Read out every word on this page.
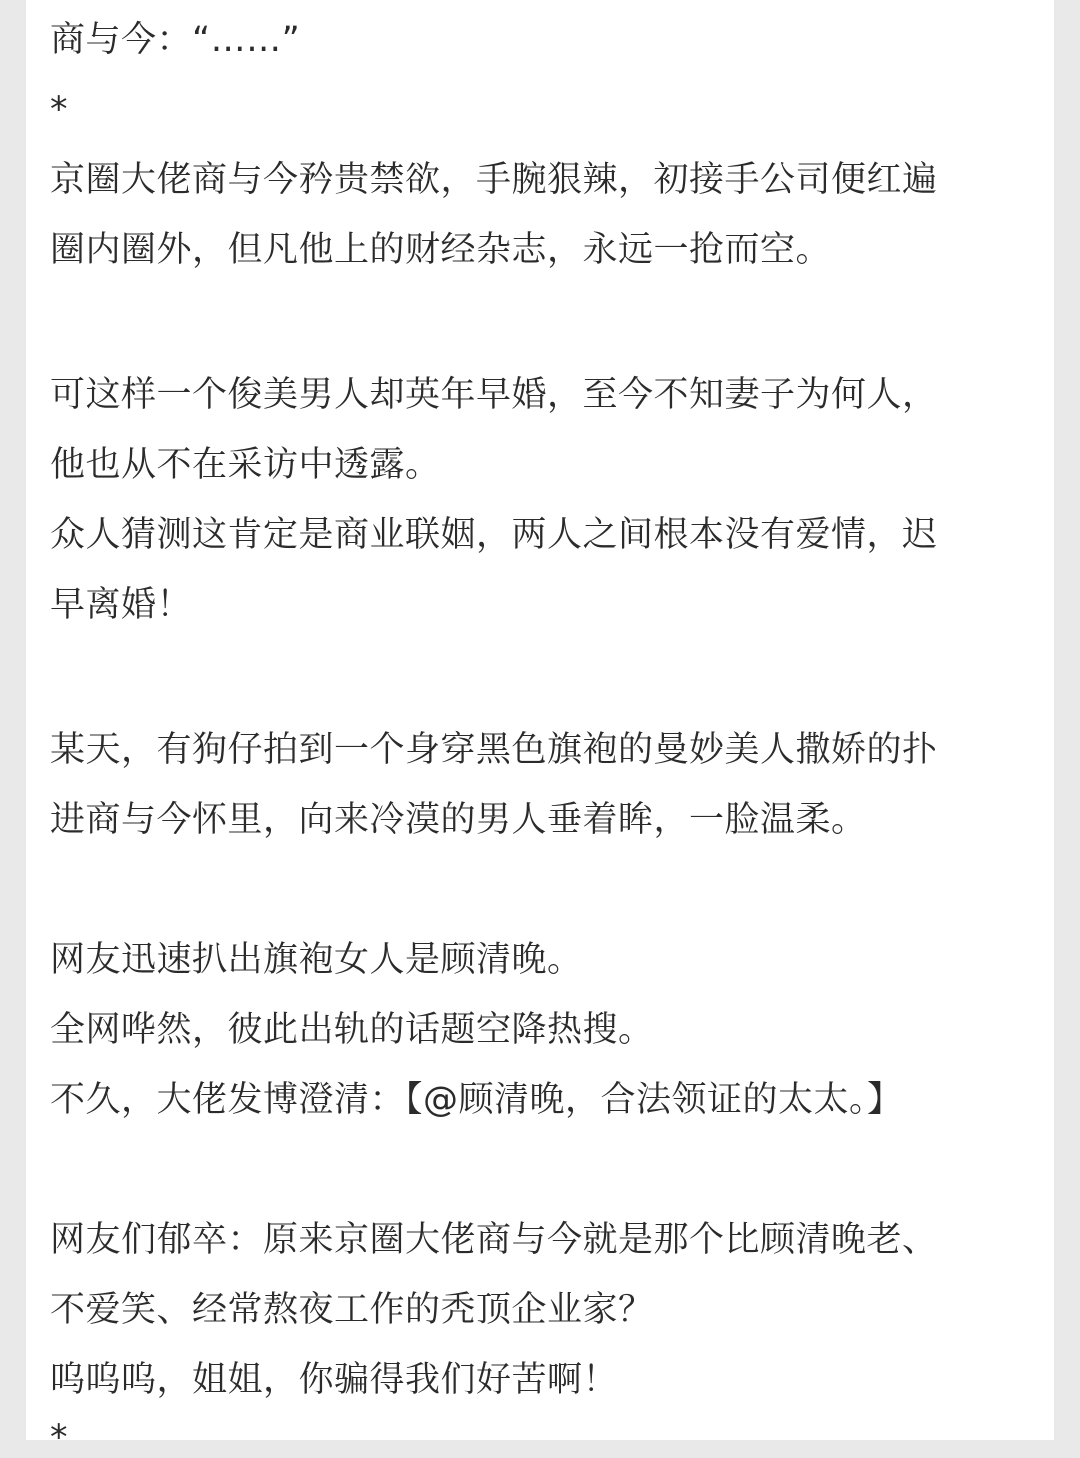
商与今：“……”

*

京圈大佬商与今矜贵禁欲，手腕狠辣，初接手公司便红遍

圈内圈外，但凡他上的财经杂志，永远一抢而空。

可这样一个俊美男人却英年早婚，至今不知妻子为何人，

他也从不在采访中透露。

众人猜测这肯定是商业联姻，两人之间根本没有爱情，迟

早离婚！

某天，有狗仔拍到一个身穿黑色旗袍的曼妙美人撒娇的扑

进商与今怀里，向来冷漠的男人垂着眸，一脸温柔。

网友迅速扒出旗袍女人是顾清晚。

全网哗然，彼此出轨的话题空降热搜。

不久，大佬发博澄清：【@顾清晚，合法领证的太太。】

网友们郁卒：原来京圈大佬商与今就是那个比顾清晚老、

不爱笑、经常熬夜工作的秃顶企业家？

呜呜呜，姐姐，你骗得我们好苦啊！

*
